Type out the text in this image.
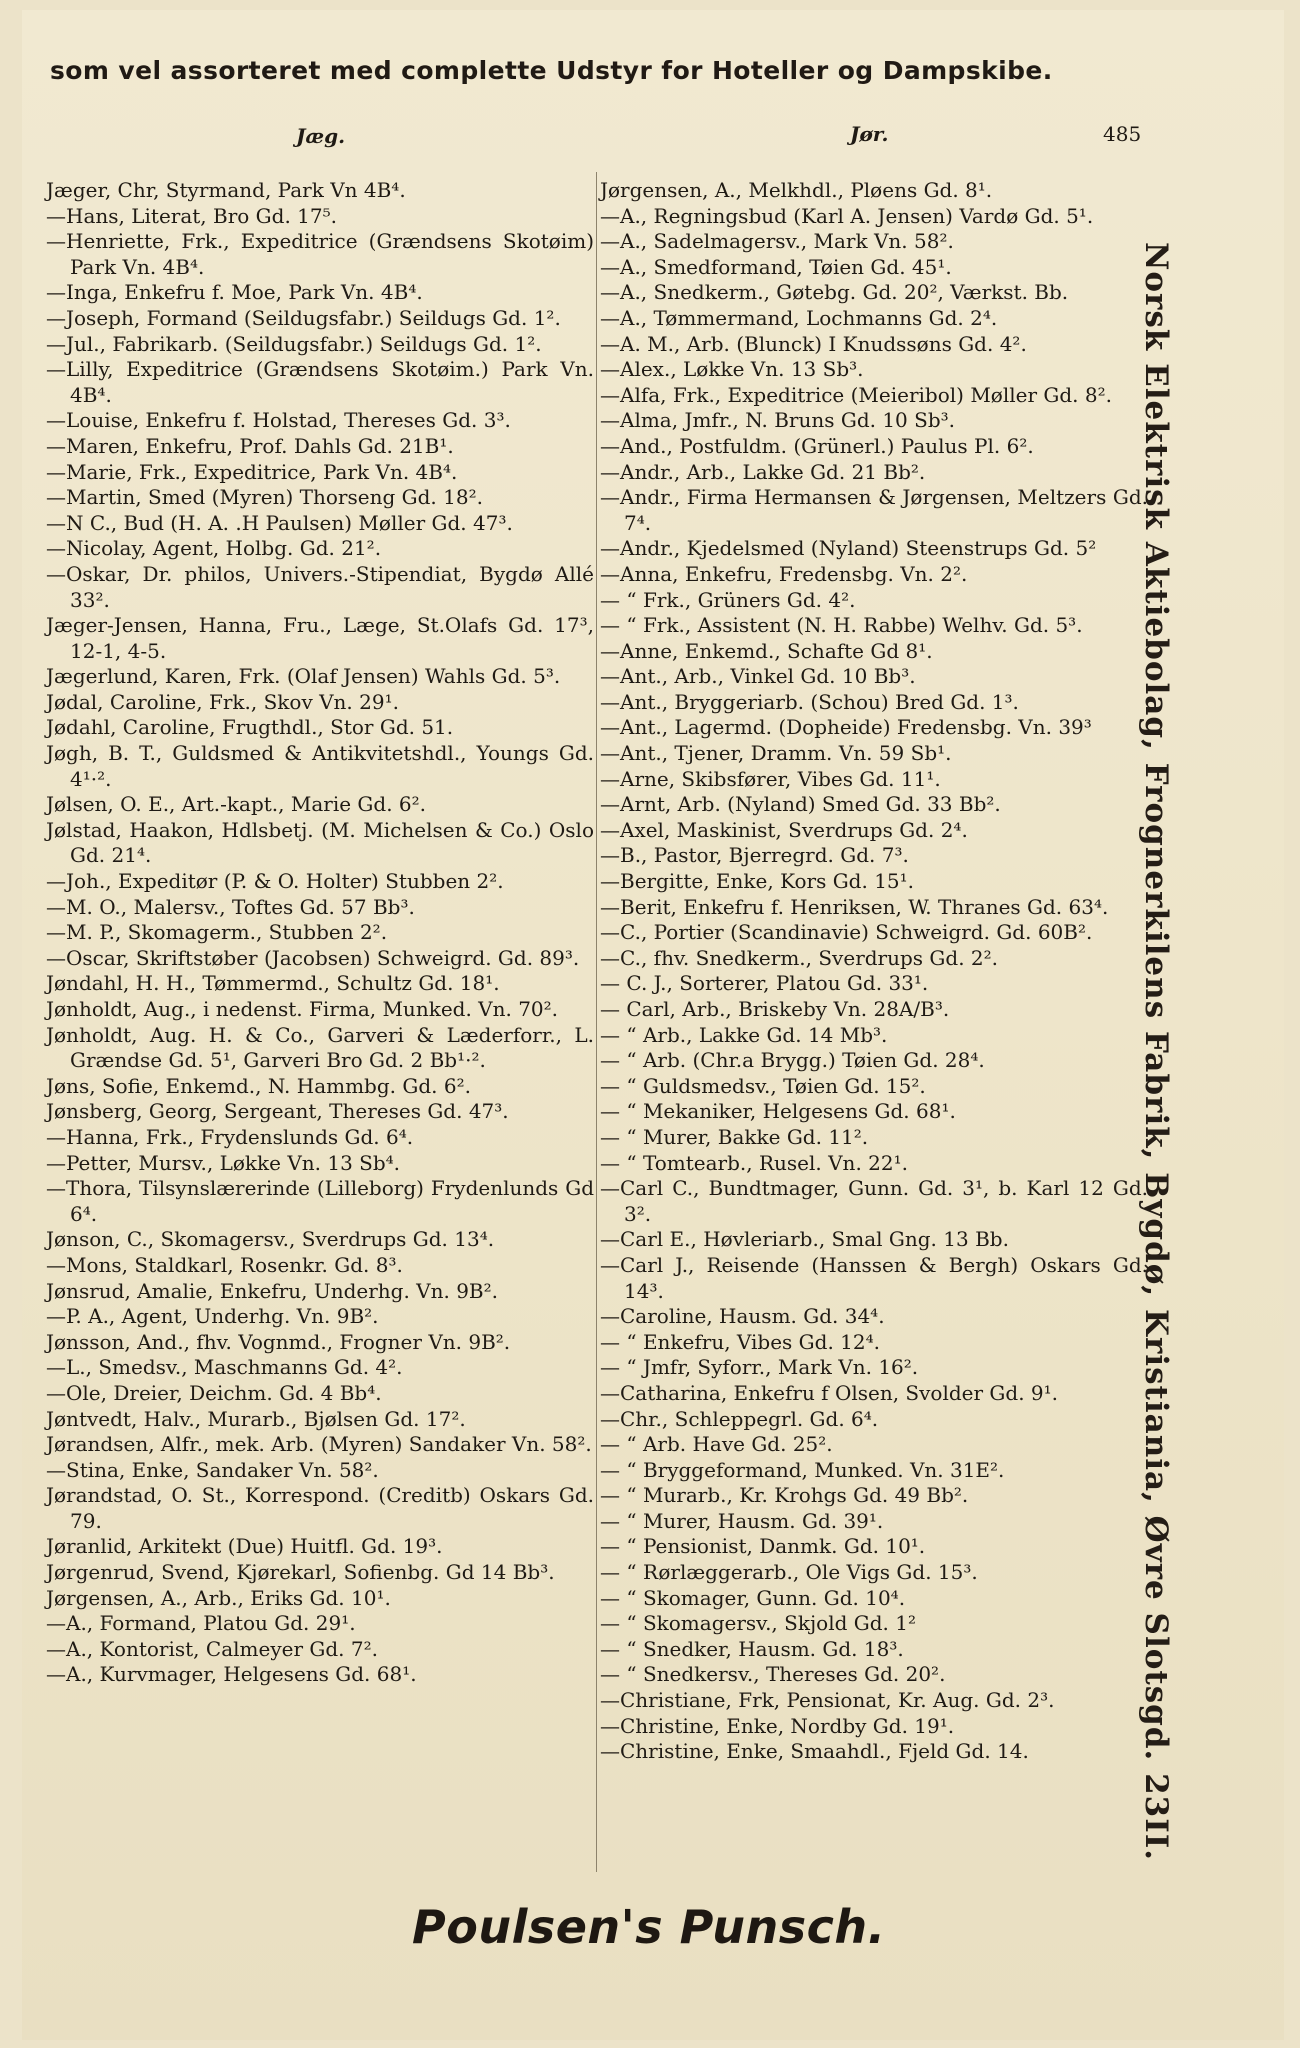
som vel assorteret med complette Udstyr for Hoteller og Dampskibe.
Jæg.	Jør.	485

Jæger, Chr, Styrmand, Park Vn 4B⁴.

—Hans, Literat, Bro Gd. 17⁵.

—Henriette, Frk., Expeditrice (Grændsens Skotøim) Park Vn. 4B⁴.

—Inga, Enkefru f. Moe, Park Vn. 4B⁴.

—Joseph, Formand (Seildugsfabr.) Seildugs Gd. 1².

—Jul., Fabrikarb. (Seildugsfabr.) Seildugs Gd. 1².

—Lilly, Expeditrice (Grændsens Skotøim.) Park Vn. 4B⁴.

—Louise, Enkefru f. Holstad, Thereses Gd. 3³.

—Maren, Enkefru, Prof. Dahls Gd. 21B¹.

—Marie, Frk., Expeditrice, Park Vn. 4B⁴.

—Martin, Smed (Myren) Thorseng Gd. 18².

—N C., Bud (H. A. .H Paulsen) Møller Gd. 47³.

—Nicolay, Agent, Holbg. Gd. 21².

—Oskar, Dr. philos, Univers.-Stipendiat, Bygdø Allé 33².

Jæger-Jensen, Hanna, Fru., Læge, St.Olafs Gd. 17³, 12-1, 4-5.

Jægerlund, Karen, Frk. (Olaf Jensen) Wahls Gd. 5³.

Jødal, Caroline, Frk., Skov Vn. 29¹.

Jødahl, Caroline, Frugthdl., Stor Gd. 51.

Jøgh, B. T., Guldsmed & Antikvitetshdl., Youngs Gd. 4¹·².

Jølsen, O. E., Art.-kapt., Marie Gd. 6².

Jølstad, Haakon, Hdlsbetj. (M. Michelsen & Co.) Oslo Gd. 21⁴.

—Joh., Expeditør (P. & O. Holter) Stubben 2².

—M. O., Malersv., Toftes Gd. 57 Bb³.

—M. P., Skomagerm., Stubben 2².

—Oscar, Skriftstøber (Jacobsen) Schweigrd. Gd. 89³.

Jøndahl, H. H., Tømmermd., Schultz Gd. 18¹.

Jønholdt, Aug., i nedenst. Firma, Munked. Vn. 70².

Jønholdt, Aug. H. & Co., Garveri & Læderforr., L. Grændse Gd. 5¹, Garveri Bro Gd. 2 Bb¹·².

Jøns, Sofie, Enkemd., N. Hammbg. Gd. 6².

Jønsberg, Georg, Sergeant, Thereses Gd. 47³.

—Hanna, Frk., Frydenslunds Gd. 6⁴.

—Petter, Mursv., Løkke Vn. 13 Sb⁴.

—Thora, Tilsynslærerinde (Lilleborg) Frydenlunds Gd 6⁴.

Jønson, C., Skomagersv., Sverdrups Gd. 13⁴.

—Mons, Staldkarl, Rosenkr. Gd. 8³.

Jønsrud, Amalie, Enkefru, Underhg. Vn. 9B².

—P. A., Agent, Underhg. Vn. 9B².

Jønsson, And., fhv. Vognmd., Frogner Vn. 9B².

—L., Smedsv., Maschmanns Gd. 4².

—Ole, Dreier, Deichm. Gd. 4 Bb⁴.

Jøntvedt, Halv., Murarb., Bjølsen Gd. 17².

Jørandsen, Alfr., mek. Arb. (Myren) Sandaker Vn. 58².

—Stina, Enke, Sandaker Vn. 58².

Jørandstad, O. St., Korrespond. (Creditb) Oskars Gd. 79.

Jøranlid, Arkitekt (Due) Huitfl. Gd. 19³.

Jørgenrud, Svend, Kjørekarl, Sofienbg. Gd 14 Bb³.

Jørgensen, A., Arb., Eriks Gd. 10¹.

—A., Formand, Platou Gd. 29¹.

—A., Kontorist, Calmeyer Gd. 7².

—A., Kurvmager, Helgesens Gd. 68¹.

Jørgensen, A., Melkhdl., Pløens Gd. 8¹.

—A., Regningsbud (Karl A. Jensen) Vardø Gd. 5¹.

—A., Sadelmagersv., Mark Vn. 58².

—A., Smedformand, Tøien Gd. 45¹.

—A., Snedkerm., Gøtebg. Gd. 20², Værkst. Bb.

—A., Tømmermand, Lochmanns Gd. 2⁴.

—A. M., Arb. (Blunck) I Knudssøns Gd. 4².

—Alex., Løkke Vn. 13 Sb³.

—Alfa, Frk., Expeditrice (Meieribol) Møller Gd. 8².

—Alma, Jmfr., N. Bruns Gd. 10 Sb³.

—And., Postfuldm. (Grünerl.) Paulus Pl. 6².

—Andr., Arb., Lakke Gd. 21 Bb².

—Andr., Firma Hermansen & Jørgensen, Meltzers Gd. 7⁴.

—Andr., Kjedelsmed (Nyland) Steenstrups Gd. 5²

—Anna, Enkefru, Fredensbg. Vn. 2².

— “ Frk., Grüners Gd. 4².

— “ Frk., Assistent (N. H. Rabbe) Welhv. Gd. 5³.

—Anne, Enkemd., Schafte Gd 8¹.

—Ant., Arb., Vinkel Gd. 10 Bb³.

—Ant., Bryggeriarb. (Schou) Bred Gd. 1³.

—Ant., Lagermd. (Dopheide) Fredensbg. Vn. 39³

—Ant., Tjener, Dramm. Vn. 59 Sb¹.

—Arne, Skibsfører, Vibes Gd. 11¹.

—Arnt, Arb. (Nyland) Smed Gd. 33 Bb².

—Axel, Maskinist, Sverdrups Gd. 2⁴.

—B., Pastor, Bjerregrd. Gd. 7³.

—Bergitte, Enke, Kors Gd. 15¹.

—Berit, Enkefru f. Henriksen, W. Thranes Gd. 63⁴.

—C., Portier (Scandinavie) Schweigrd. Gd. 60B².

—C., fhv. Snedkerm., Sverdrups Gd. 2².

— C. J., Sorterer, Platou Gd. 33¹.

— Carl, Arb., Briskeby Vn. 28A/B³.

— “ Arb., Lakke Gd. 14 Mb³.

— “ Arb. (Chr.a Brygg.) Tøien Gd. 28⁴.

— “ Guldsmedsv., Tøien Gd. 15².

— “ Mekaniker, Helgesens Gd. 68¹.

— “ Murer, Bakke Gd. 11².

— “ Tomtearb., Rusel. Vn. 22¹.

—Carl C., Bundtmager, Gunn. Gd. 3¹, b. Karl 12 Gd. 3².

—Carl E., Høvleriarb., Smal Gng. 13 Bb.

—Carl J., Reisende (Hanssen & Bergh) Oskars Gd. 14³.

—Caroline, Hausm. Gd. 34⁴.

— “ Enkefru, Vibes Gd. 12⁴.

— “ Jmfr, Syforr., Mark Vn. 16².

—Catharina, Enkefru f Olsen, Svolder Gd. 9¹.

—Chr., Schleppegrl. Gd. 6⁴.

— “ Arb. Have Gd. 25².

— “ Bryggeformand, Munked. Vn. 31E².

— “ Murarb., Kr. Krohgs Gd. 49 Bb².

— “ Murer, Hausm. Gd. 39¹.

— “ Pensionist, Danmk. Gd. 10¹.

— “ Rørlæggerarb., Ole Vigs Gd. 15³.

— “ Skomager, Gunn. Gd. 10⁴.

— “ Skomagersv., Skjold Gd. 1²

— “ Snedker, Hausm. Gd. 18³.

— “ Snedkersv., Thereses Gd. 20².

—Christiane, Frk, Pensionat, Kr. Aug. Gd. 2³.

—Christine, Enke, Nordby Gd. 19¹.

—Christine, Enke, Smaahdl., Fjeld Gd. 14.	Norsk Elektrisk Aktiebolag, Frognerkilens Fabrik, Bygdø, Kristiania, Øvre Slotsgd. 23II.
Poulsen's Punsch.
